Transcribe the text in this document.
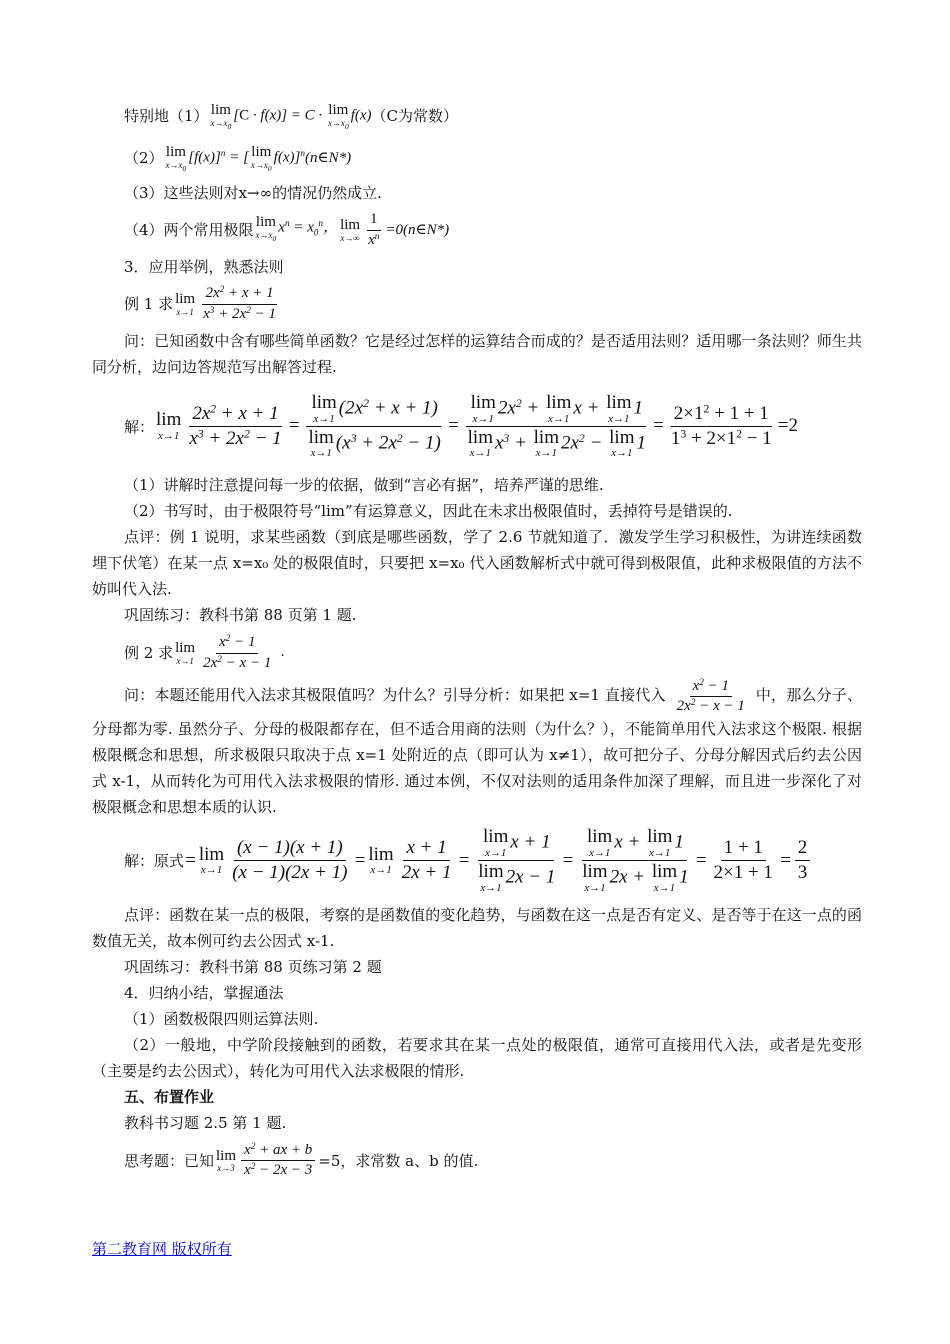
特别地（1） lim
$x\to x_0$
[C · f(x)] = C · lim
$x\to x_0$
f(x) （C为常数）
（2） lim
$x\to x_0$
$[f(x)]^n$ = [ lim
$x\to x_0$
f(x)]$^n$ (n∈N*)
（3）这些法则对x→∞的情况仍然成立.
（4）两个常用极限 lim
$x\to x_0$
$x^n = x_0^n$， lim
$x\to\infty \frac{1}{x^n}$ =0(n∈N*)
3．应用举例，熟悉法则
例 1 求 lim
$x\to 1 \frac{2x^2 + x + 1}{x^3 + 2x^2 - 1}$

问：已知函数中含有哪些简单函数？它是经过怎样的运算结合而成的？是否适用法则？适用哪一条法则？师生共同分析，边问边答规范写出解答过程.

解： lim
$x\to 1 \frac{2x^2 + x + 1}{x^3 + 2x^2 - 1} = \lim$
x→1
$(2x^2 + x + 1)$
lim
x→1
$(x^3 + 2x^2 - 1) = \lim$
x→1
$2x^2 + \lim$
x→1
x + lim
x→1
1
lim
x→1
$x^3 + \lim$
x→1
$2x^2 - \lim$
x→1
$1 = \frac{2\times 1^2 + 1 + 1}{1^3 + 2\times 1^2 - 1} =2$
（1）讲解时注意提问每一步的依据，做到“言必有据”，培养严谨的思维.
（2）书写时，由于极限符号“lim”有运算意义，因此在未求出极限值时，丢掉符号是错误的.

点评：例 1 说明，求某些函数（到底是哪些函数，学了 2.6 节就知道了．激发学生学习积极性，为讲连续函数埋下伏笔）在某一点 x=x₀ 处的极限值时，只要把 x=x₀ 代入函数解析式中就可得到极限值，此种求极限值的方法不妨叫代入法.

巩固练习：教科书第 88 页第 1 题.
例 2 求 lim
$x\to 1 \frac{x^2 - 1}{2x^2 - x - 1}$ .

问：本题还能用代入法求其极限值吗？为什么？引导分析：如果把 x=1 直接代入 $\frac{x^2 - 1}{2x^2 - x - 1}$ 中，那么分子、分母都为零. 虽然分子、分母的极限都存在，但不适合用商的法则（为什么？），不能简单用代入法求这个极限. 根据极限概念和思想，所求极限只取决于点 x=1 处附近的点（即可认为 x≠1），故可把分子、分母分解因式后约去公因式 x-1，从而转化为可用代入法求极限的情形. 通过本例，不仅对法则的适用条件加深了理解，而且进一步深化了对极限概念和思想本质的认识.

解：原式 = lim
$x\to 1 \frac{(x - 1)(x + 1)}{(x - 1)(2x + 1)} = \lim$
$x\to 1 \frac{x + 1}{2x + 1} = \lim$
x→1
x + 1
lim
x→1
2x − 1 = lim
x→1
x + lim
x→1
1
lim
x→1
2x + lim
x→1
$1 = \frac{1 + 1}{2\times 1 + 1} = \frac{2}{3}$

点评：函数在某一点的极限，考察的是函数值的变化趋势，与函数在这一点是否有定义、是否等于在这一点的函数值无关，故本例可约去公因式 x-1.

巩固练习：教科书第 88 页练习第 2 题
4．归纳小结，掌握通法
（1）函数极限四则运算法则.

（2）一般地，中学阶段接触到的函数，若要求其在某一点处的极限值，通常可直接用代入法，或者是先变形（主要是约去公因式），转化为可用代入法求极限的情形.

五、布置作业
教科书习题 2.5 第 1 题.
思考题：已知 lim
$x\to 3 \frac{x^2 + ax + b}{x^2 - 2x - 3} =5$，求常数 a、b 的值.
第二教育网 版权所有
